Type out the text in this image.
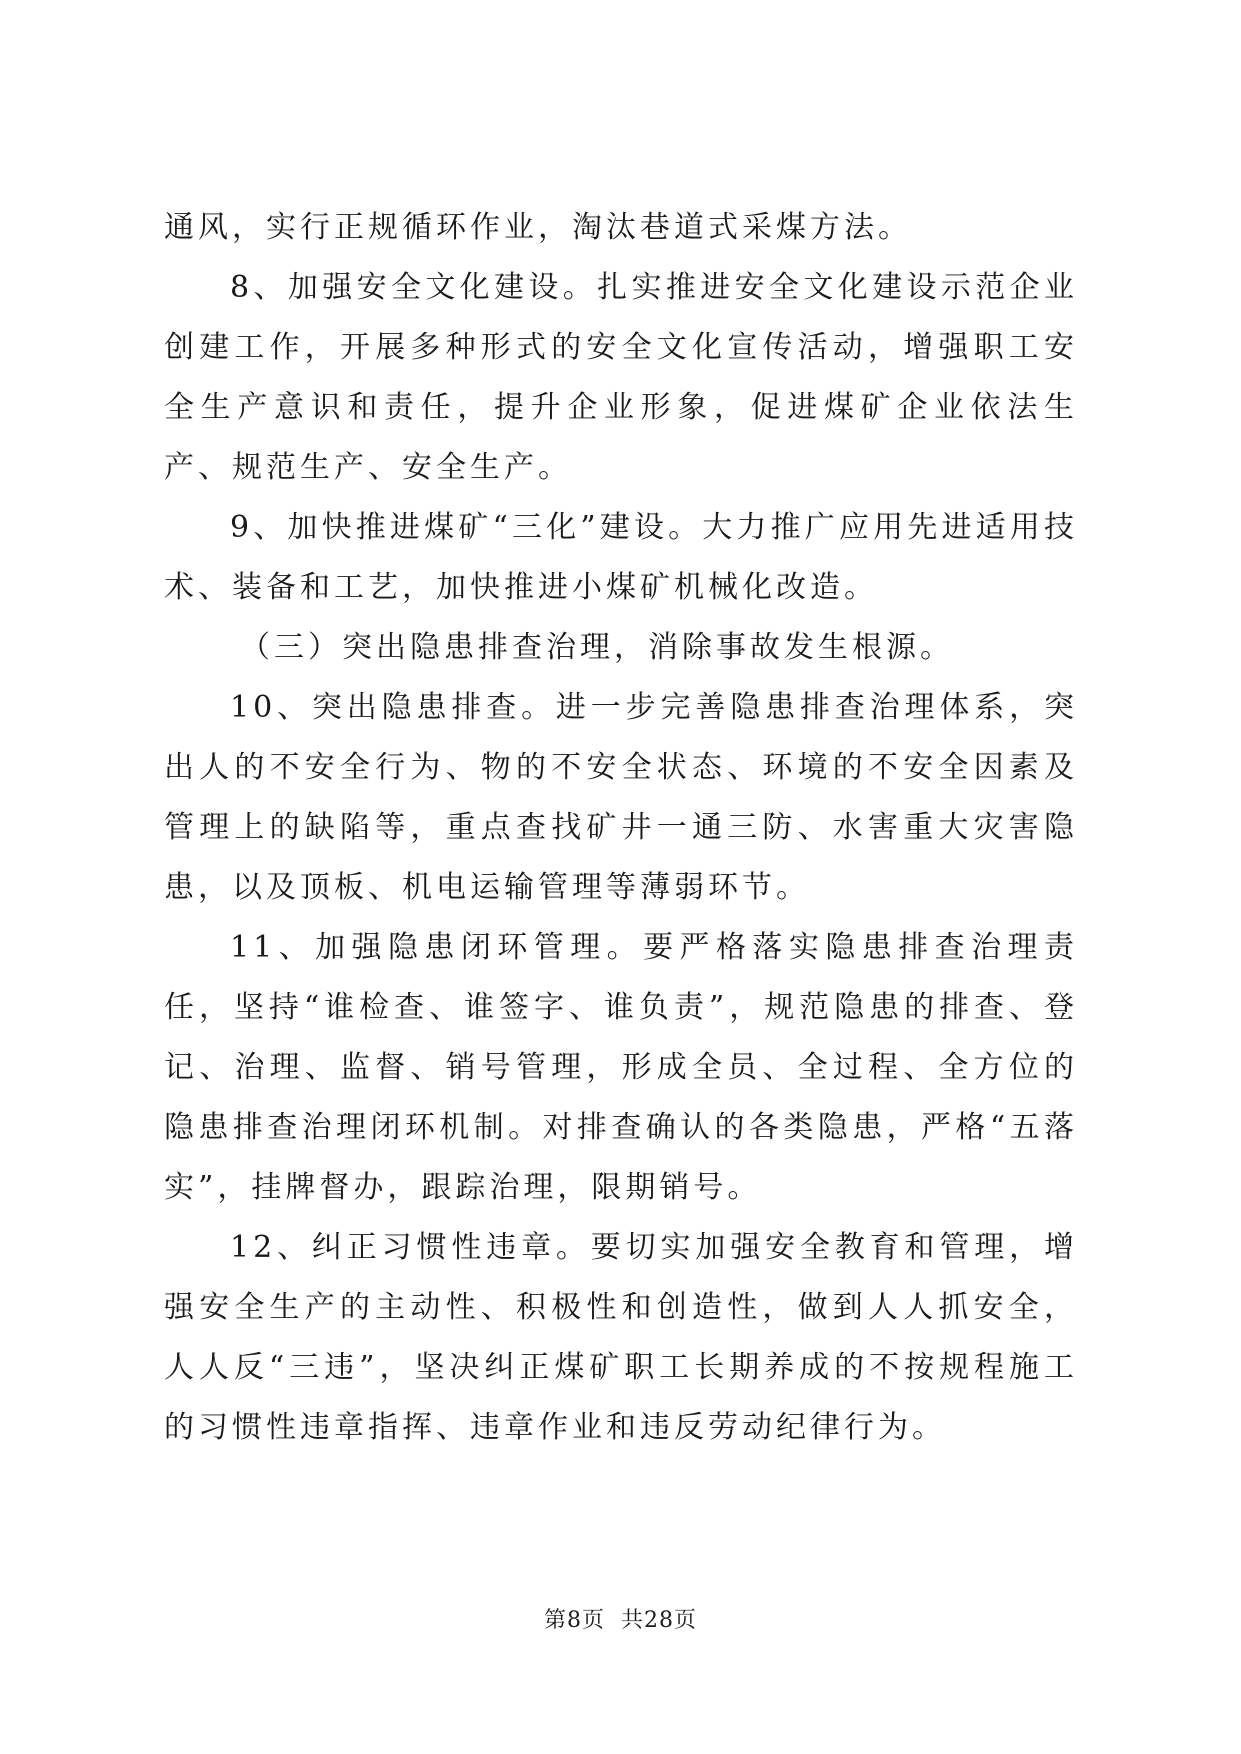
通风，实行正规循环作业，淘汰巷道式采煤方法。

8、加强安全文化建设。扎实推进安全文化建设示范企业创建工作，开展多种形式的安全文化宣传活动，增强职工安全生产意识和责任，提升企业形象，促进煤矿企业依法生产、规范生产、安全生产。

9、加快推进煤矿“三化”建设。大力推广应用先进适用技术、装备和工艺，加快推进小煤矿机械化改造。

（三）突出隐患排查治理，消除事故发生根源。

10、突出隐患排查。进一步完善隐患排查治理体系，突出人的不安全行为、物的不安全状态、环境的不安全因素及管理上的缺陷等，重点查找矿井一通三防、水害重大灾害隐患，以及顶板、机电运输管理等薄弱环节。

11、加强隐患闭环管理。要严格落实隐患排查治理责任，坚持“谁检查、谁签字、谁负责”，规范隐患的排查、登记、治理、监督、销号管理，形成全员、全过程、全方位的隐患排查治理闭环机制。对排查确认的各类隐患，严格“五落实”，挂牌督办，跟踪治理，限期销号。

12、纠正习惯性违章。要切实加强安全教育和管理，增强安全生产的主动性、积极性和创造性，做到人人抓安全，人人反“三违”，坚决纠正煤矿职工长期养成的不按规程施工的习惯性违章指挥、违章作业和违反劳动纪律行为。

第8页 共28页
